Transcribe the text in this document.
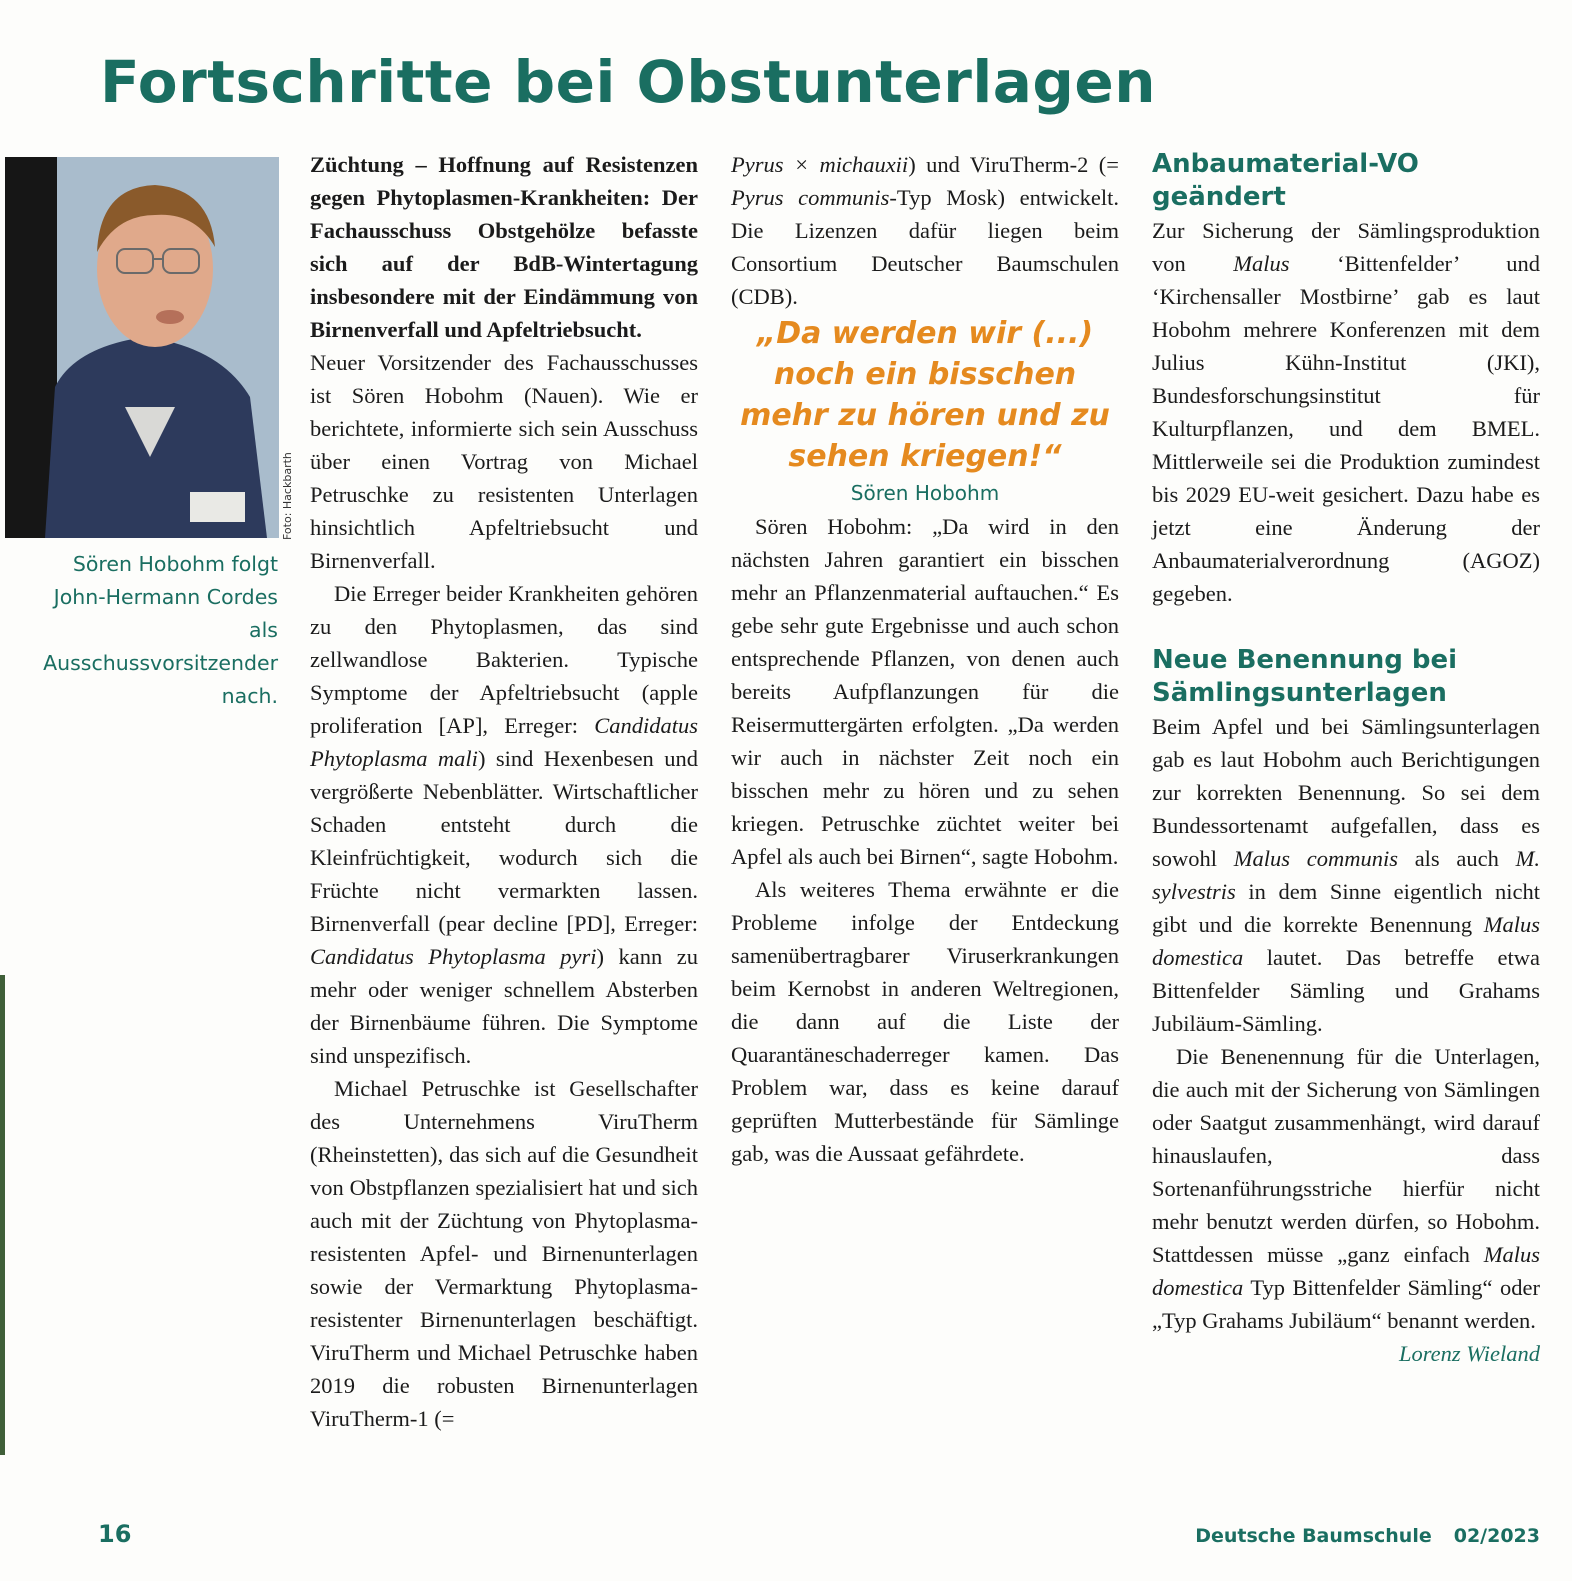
Fortschritte bei Obstunterlagen
Foto: Hackbarth

Sören Hobohm folgt John-Hermann Cordes als Ausschussvorsitzender nach.

Züchtung – Hoffnung auf Resistenzen gegen Phytoplasmen-Krankheiten: Der Fachausschuss Obstgehölze befasste sich auf der BdB-Wintertagung insbesondere mit der Eindämmung von Birnenverfall und Apfeltriebsucht.

Neuer Vorsitzender des Fachausschusses ist Sören Hobohm (Nauen). Wie er berichtete, informierte sich sein Ausschuss über einen Vortrag von Michael Petruschke zu resistenten Unterlagen hinsichtlich Apfeltriebsucht und Birnenverfall.

Die Erreger beider Krankheiten gehören zu den Phytoplasmen, das sind zellwandlose Bakterien. Typische Symptome der Apfeltriebsucht (apple proliferation [AP], Erreger: Candidatus Phytoplasma mali) sind Hexenbesen und vergrößerte Nebenblätter. Wirtschaftlicher Schaden entsteht durch die Kleinfrüchtigkeit, wodurch sich die Früchte nicht vermarkten lassen. Birnenverfall (pear decline [PD], Erreger: Candidatus Phytoplasma pyri) kann zu mehr oder weniger schnellem Absterben der Birnenbäume führen. Die Symptome sind unspezifisch.

Michael Petruschke ist Gesellschafter des Unternehmens ViruTherm (Rheinstetten), das sich auf die Gesundheit von Obstpflanzen spezialisiert hat und sich auch mit der Züchtung von Phytoplasma-resistenten Apfel- und Birnenunterlagen sowie der Vermarktung Phytoplasma-resistenter Birnenunterlagen beschäftigt. ViruTherm und Michael Petruschke haben 2019 die robusten Birnenunterlagen ViruTherm-1 (=

Pyrus × michauxii) und ViruTherm-2 (= Pyrus communis-Typ Mosk) entwickelt. Die Lizenzen dafür liegen beim Consortium Deutscher Baumschulen (CDB).

„Da werden wir (...) noch ein bisschen mehr zu hören und zu sehen kriegen!“

Sören Hobohm

Sören Hobohm: „Da wird in den nächsten Jahren garantiert ein bisschen mehr an Pflanzenmaterial auftauchen.“ Es gebe sehr gute Ergebnisse und auch schon entsprechende Pflanzen, von denen auch bereits Aufpflanzungen für die Reisermuttergärten erfolgten. „Da werden wir auch in nächster Zeit noch ein bisschen mehr zu hören und zu sehen kriegen. Petruschke züchtet weiter bei Apfel als auch bei Birnen“, sagte Hobohm.

Als weiteres Thema erwähnte er die Probleme infolge der Entdeckung samenübertragbarer Viruserkrankungen beim Kernobst in anderen Weltregionen, die dann auf die Liste der Quarantäneschaderreger kamen. Das Problem war, dass es keine darauf geprüften Mutterbestände für Sämlinge gab, was die Aussaat gefährdete.

Anbaumaterial-VO geändert

Zur Sicherung der Sämlingsproduktion von Malus ‘Bittenfelder’ und ‘Kirchensaller Mostbirne’ gab es laut Hobohm mehrere Konferenzen mit dem Julius Kühn-Institut (JKI), Bundesforschungsinstitut für Kulturpflanzen, und dem BMEL. Mittlerweile sei die Produktion zumindest bis 2029 EU-weit gesichert. Dazu habe es jetzt eine Änderung der Anbaumaterialverordnung (AGOZ) gegeben.

Neue Benennung bei Sämlingsunterlagen

Beim Apfel und bei Sämlingsunterlagen gab es laut Hobohm auch Berichtigungen zur korrekten Benennung. So sei dem Bundessortenamt aufgefallen, dass es sowohl Malus communis als auch M. sylvestris in dem Sinne eigentlich nicht gibt und die korrekte Benennung Malus domestica lautet. Das betreffe etwa Bittenfelder Sämling und Grahams Jubiläum-Sämling.

Die Benenennung für die Unterlagen, die auch mit der Sicherung von Sämlingen oder Saatgut zusammenhängt, wird darauf hinauslaufen, dass Sortenanführungsstriche hierfür nicht mehr benutzt werden dürfen, so Hobohm. Stattdessen müsse „ganz einfach Malus domestica Typ Bittenfelder Sämling“ oder „Typ Grahams Jubiläum“ benannt werden.

Lorenz Wieland

16	Deutsche Baumschule 02/2023
